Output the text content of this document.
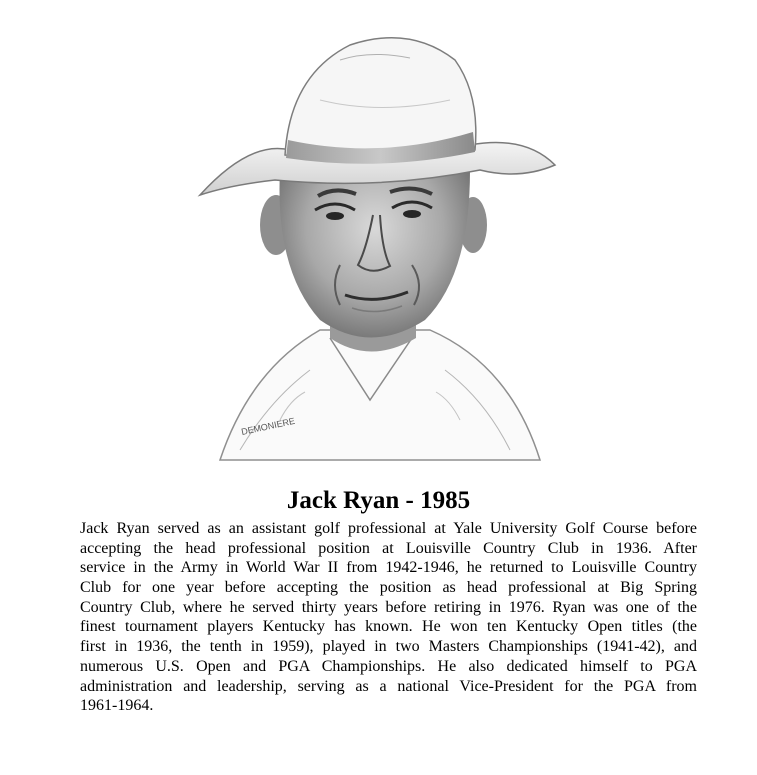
DEMONIERE
Jack Ryan - 1985
Jack Ryan served as an assistant golf professional at Yale University Golf Course before
accepting the head professional position at Louisville Country Club in 1936. After
service in the Army in World War II from 1942-1946, he returned to Louisville Country
Club for one year before accepting the position as head professional at Big Spring
Country Club, where he served thirty years before retiring in 1976. Ryan was one of the
finest tournament players Kentucky has known. He won ten Kentucky Open titles (the
first in 1936, the tenth in 1959), played in two Masters Championships (1941-42), and
numerous U.S. Open and PGA Championships. He also dedicated himself to PGA
administration and leadership, serving as a national Vice-President for the PGA from
1961-1964.
